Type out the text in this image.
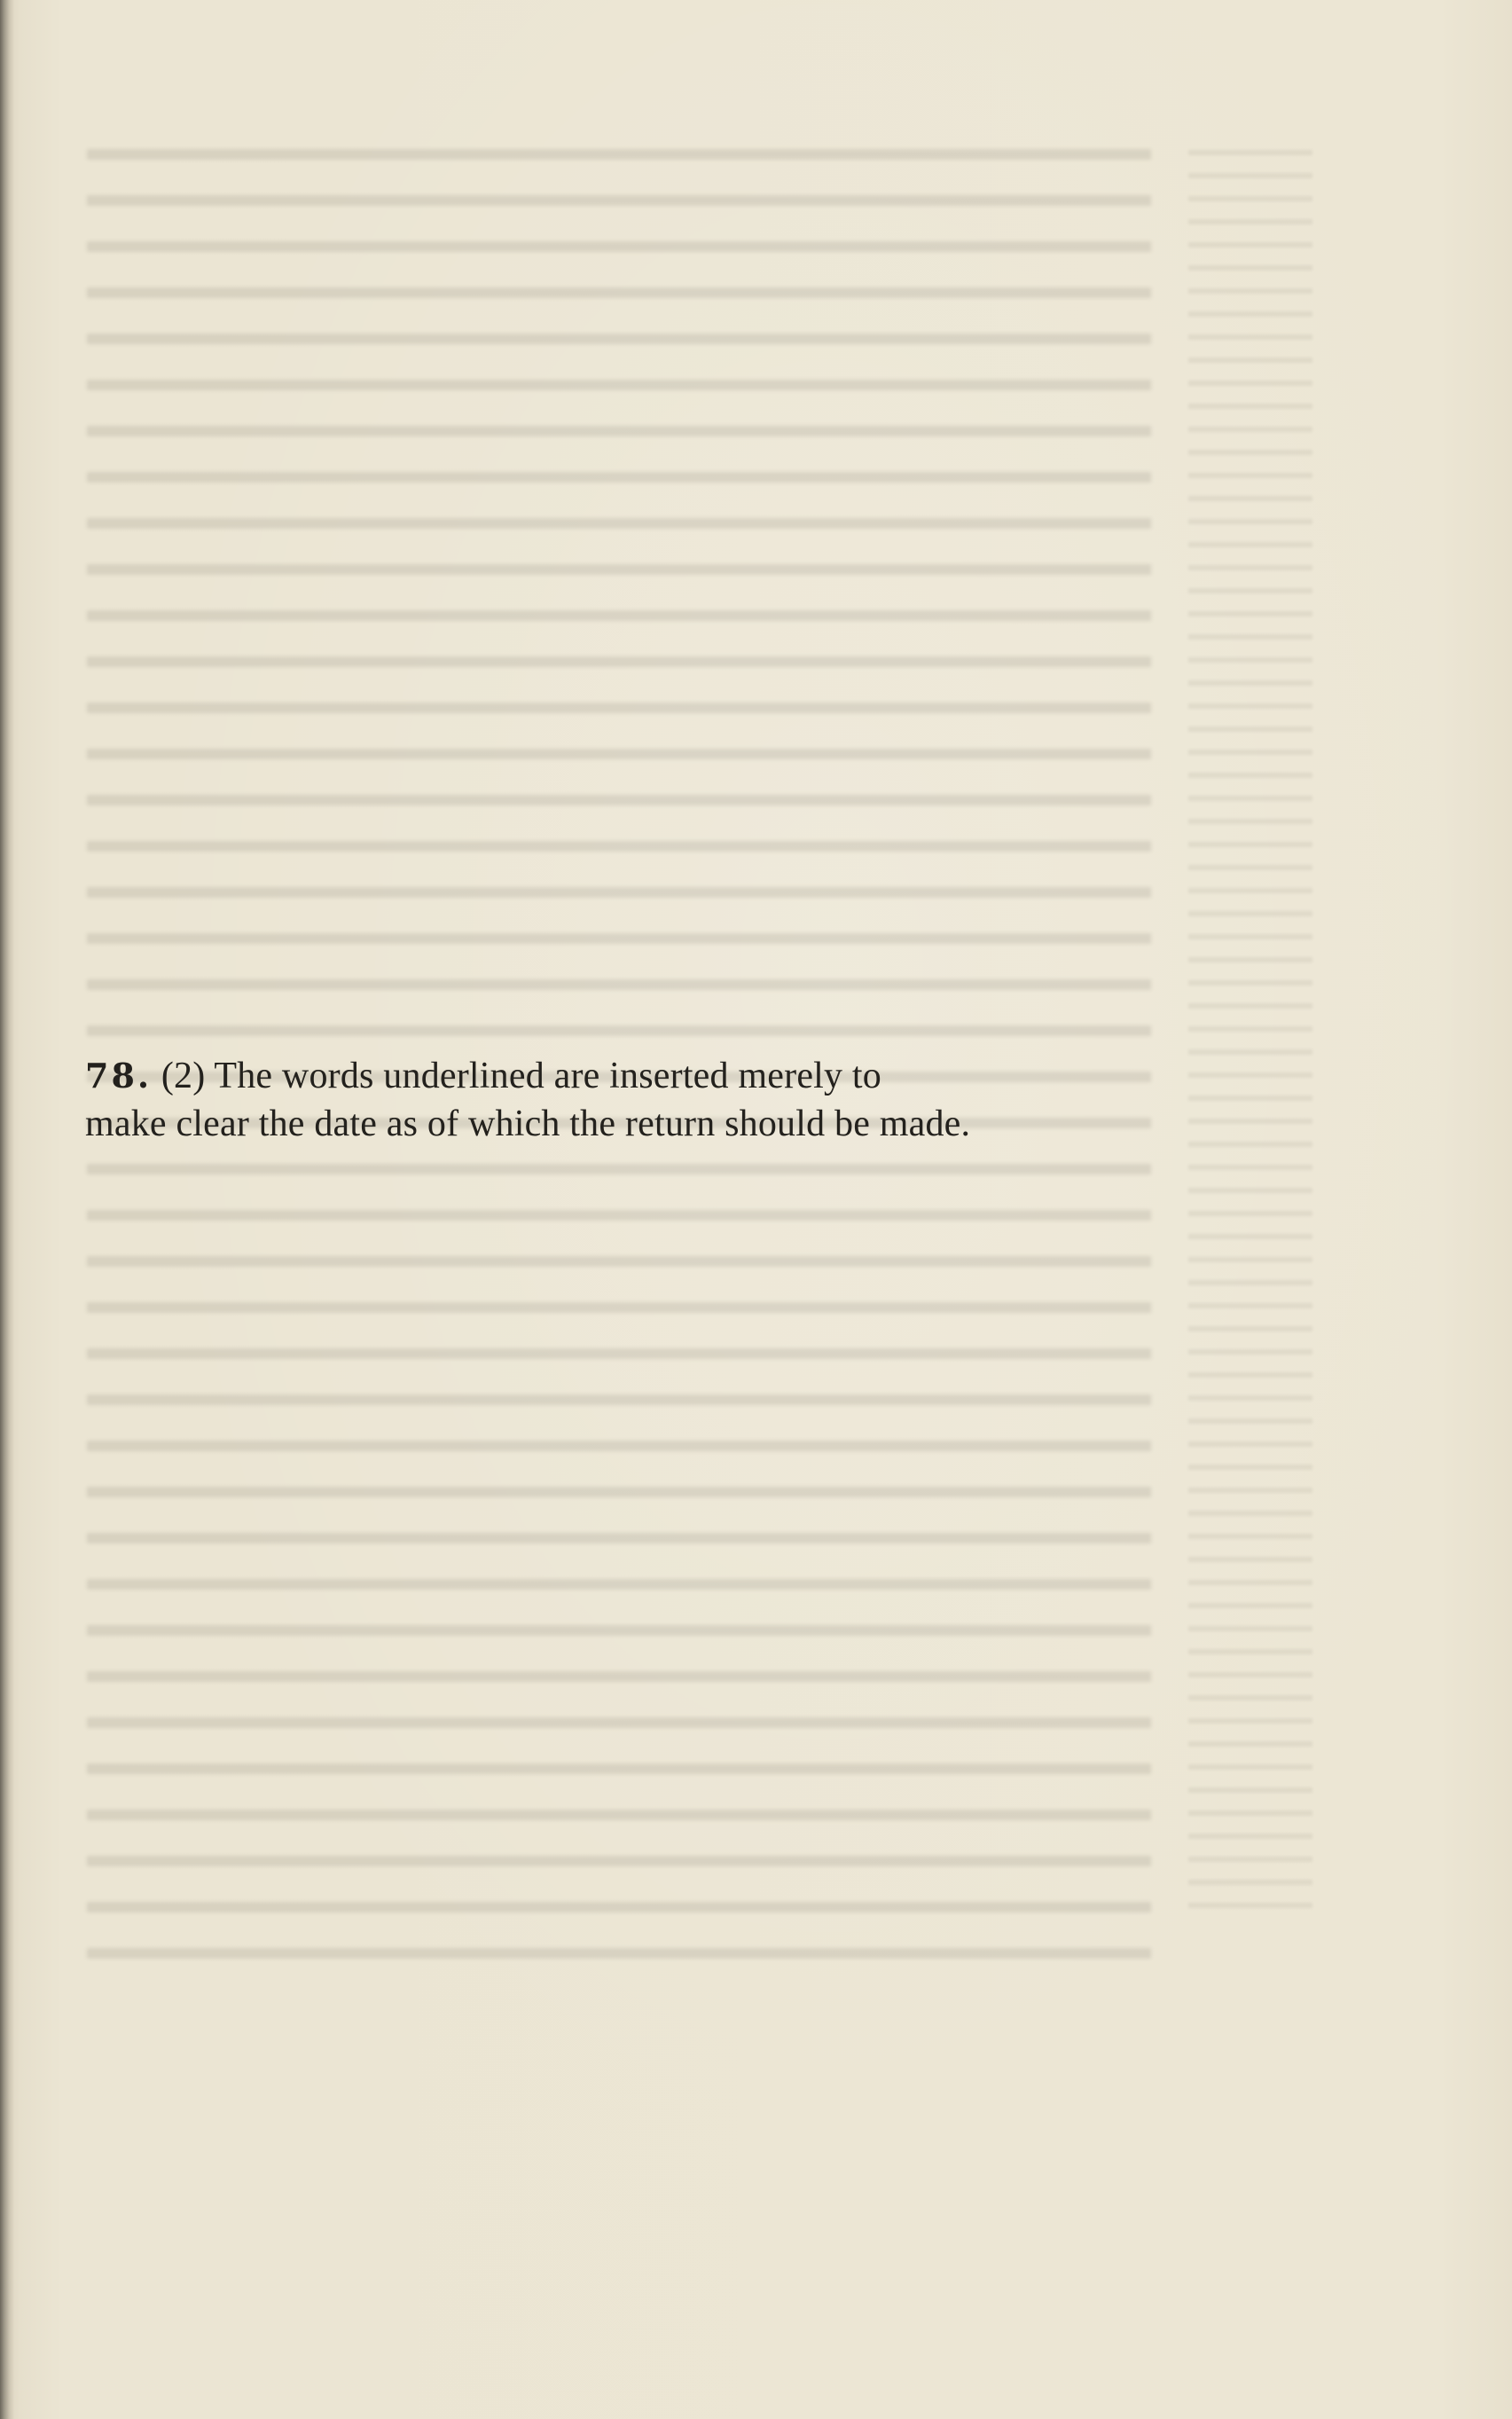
78. (2) The words underlined are inserted merely to
make clear the date as of which the return should be made.
